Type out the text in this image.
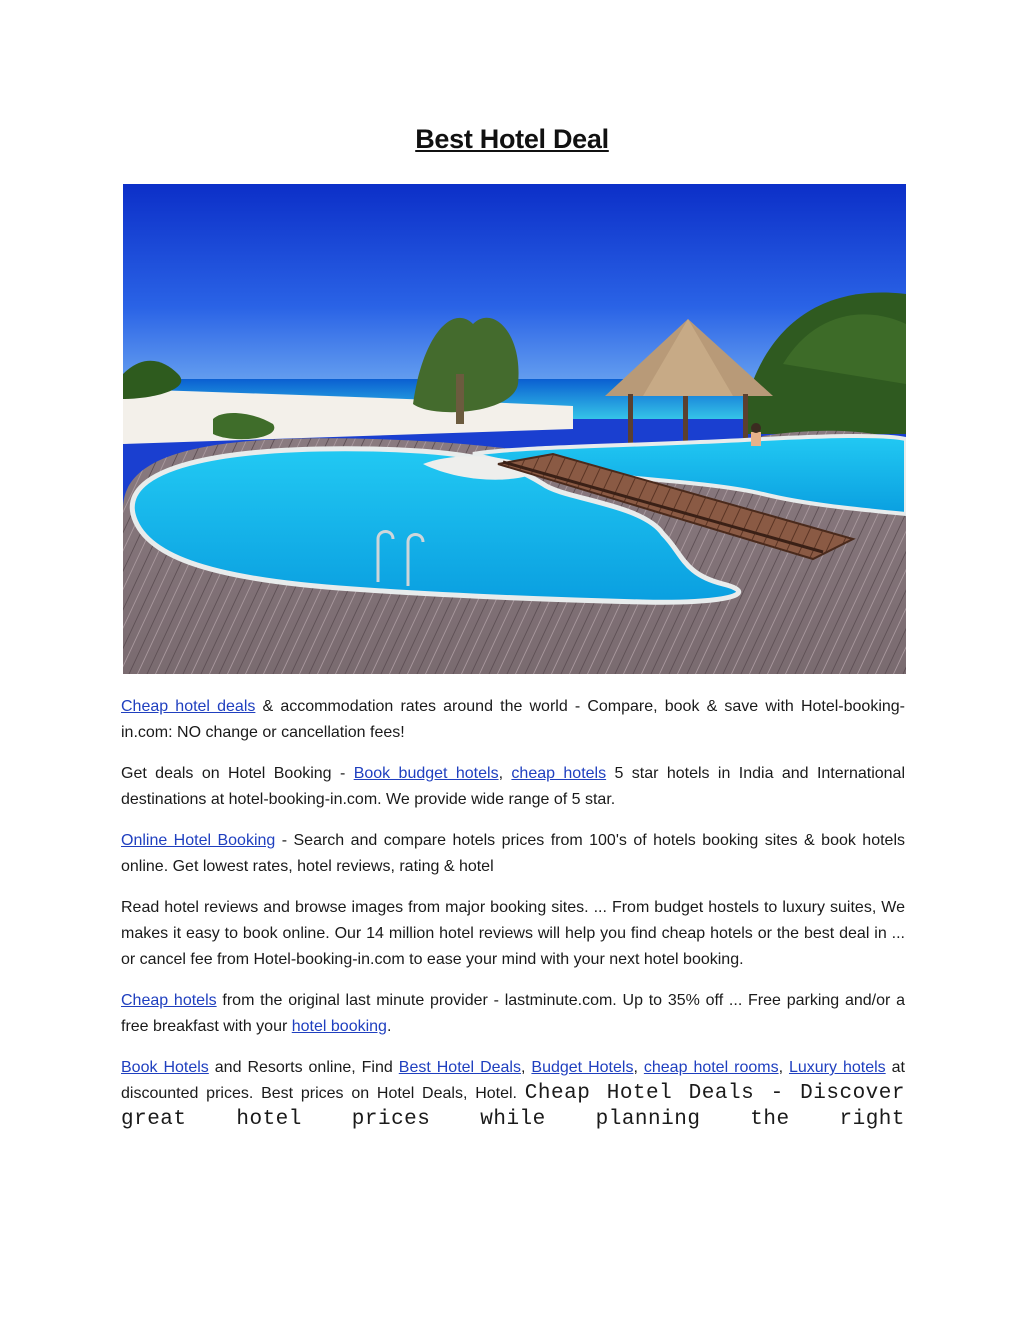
Best Hotel Deal

Cheap hotel deals & accommodation rates around the world - Compare, book & save with Hotel-booking-in.com: NO change or cancellation fees!

Get deals on Hotel Booking - Book budget hotels, cheap hotels 5 star hotels in India and International destinations at hotel-booking-in.com. We provide wide range of 5 star.

Online Hotel Booking - Search and compare hotels prices from 100's of hotels booking sites & book hotels online. Get lowest rates, hotel reviews, rating & hotel

Read hotel reviews and browse images from major booking sites. ... From budget hostels to luxury suites, We makes it easy to book online. Our 14 million hotel reviews will help you find cheap hotels or the best deal in ... or cancel fee from Hotel-booking-in.com to ease your mind with your next hotel booking.

Cheap hotels from the original last minute provider - lastminute.com. Up to 35% off ... Free parking and/or a free breakfast with your hotel booking.

Book Hotels and Resorts online, Find Best Hotel Deals, Budget Hotels, cheap hotel rooms, Luxury hotels at discounted prices. Best prices on Hotel Deals, Hotel. Cheap Hotel Deals - Discover great hotel prices while planning the right
